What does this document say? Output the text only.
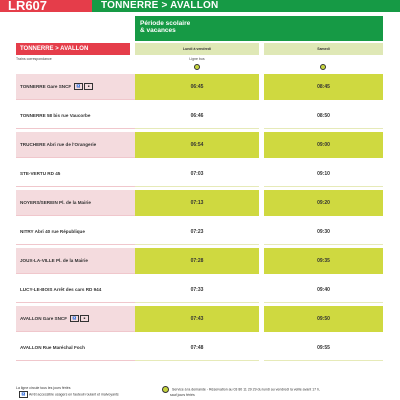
LR607	TONNERRE > AVALLON
Période scolaire
& vacances
TONNERRE > AVALLON	Lundi à vendredi	Samedi
Trains correspondance	Ligne bus
TONNERRE Gare SNCF ♿ ■	06:45	08:45
TONNERRE 58 bis rue Vaucorbe	06:46	08:50
TRUCHERE Abri rue de l'Orangerie	06:54	09:00
STE-VERTU RD 45	07:03	09:10
NOYERS/SEREIN Pl. de la Mairie	07:13	09:20
NITRY Abri 40 rue République	07:23	09:30
JOUX-LA-VILLE Pl. de la Mairie	07:28	09:35
LUCY-LE-BOIS Arrêt des cars RD 944	07:33	09:40
AVALLON Gare SNCF ♿ ■	07:43	09:50
AVALLON Rue Maréchal Foch	07:48	09:55
La ligne circule tous les jours fériés
♿ Arrêt accessible usagers en fauteuil roulant et malvoyants
Service à la demande - Réservation au 03 80 11 29 29 du lundi au vendredi la veille avant 17 h,
sauf jours fériés
